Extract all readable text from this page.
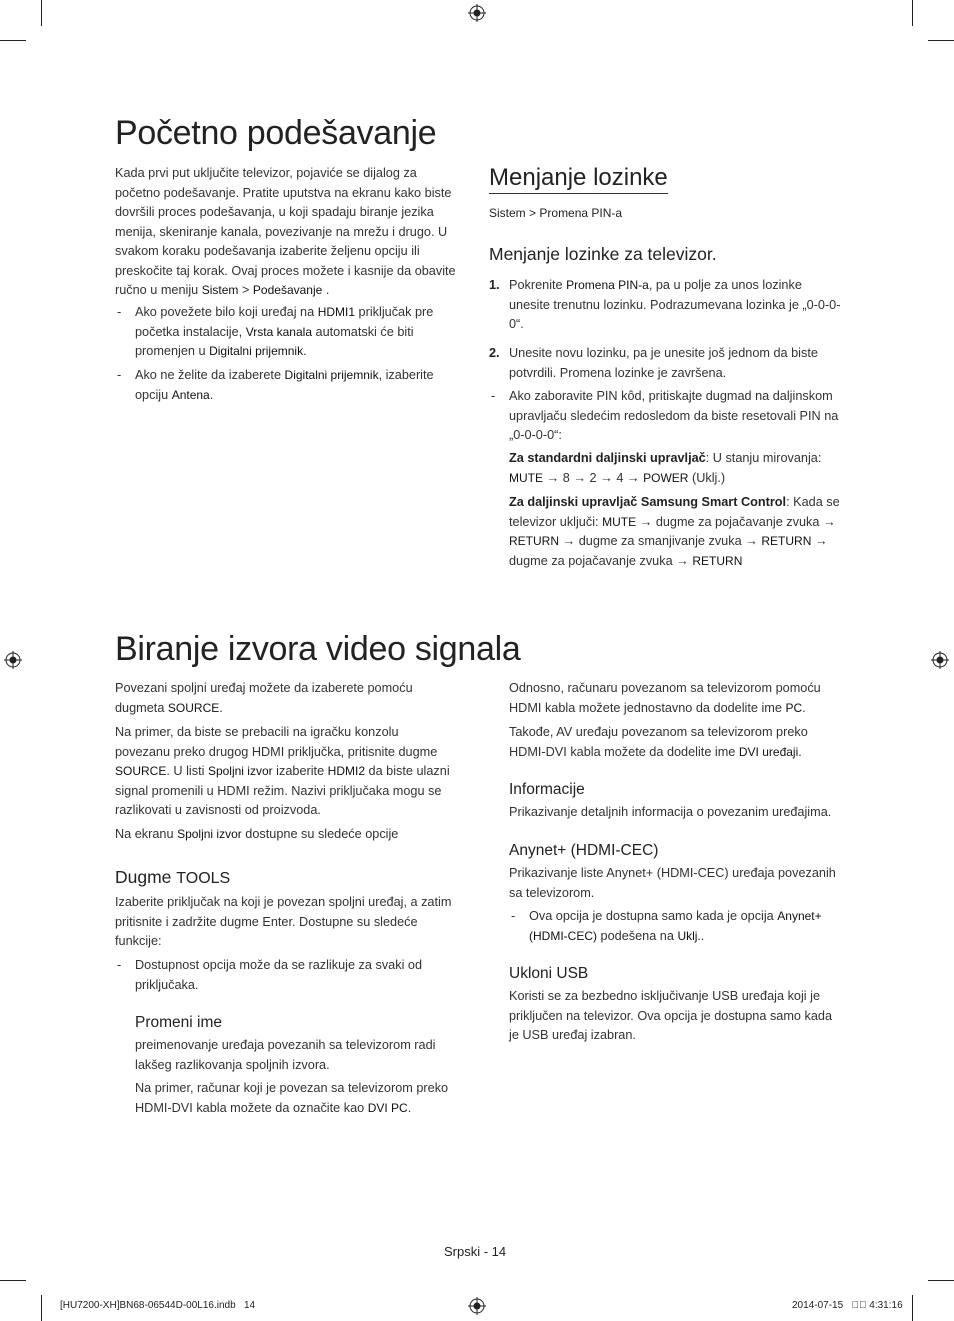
Početno podešavanje
Kada prvi put uključite televizor, pojaviće se dijalog za početno podešavanje. Pratite uputstva na ekranu kako biste dovršili proces podešavanja, u koji spadaju biranje jezika menija, skeniranje kanala, povezivanje na mrežu i drugo. U svakom koraku podešavanja izaberite željenu opciju ili preskočite taj korak. Ovaj proces možete i kasnije da obavite ručno u meniju Sistem > Podešavanje .
- Ako povežete bilo koji uređaj na HDMI1 priključak pre početka instalacije, Vrsta kanala automatski će biti promenjen u Digitalni prijemnik.
- Ako ne želite da izaberete Digitalni prijemnik, izaberite opciju Antena.
Menjanje lozinke
Sistem > Promena PIN-a
Menjanje lozinke za televizor.
1. Pokrenite Promena PIN-a, pa u polje za unos lozinke unesite trenutnu lozinku. Podrazumevana lozinka je „0-0-0-0“.
2. Unesite novu lozinku, pa je unesite još jednom da biste potvrdili. Promena lozinke je završena.
- Ako zaboravite PIN kôd, pritiskajte dugmad na daljinskom upravljaču sledećim redosledom da biste resetovali PIN na „0-0-0-0“:
Za standardni daljinski upravljač: U stanju mirovanja:
MUTE → 8 → 2 → 4 → POWER (Uklj.)
Za daljinski upravljač Samsung Smart Control: Kada se televizor uključi: MUTE → dugme za pojačavanje zvuka → RETURN → dugme za smanjivanje zvuka → RETURN → dugme za pojačavanje zvuka → RETURN
Biranje izvora video signala
Povezani spoljni uređaj možete da izaberete pomoću dugmeta SOURCE.
Na primer, da biste se prebacili na igračku konzolu povezanu preko drugog HDMI priključka, pritisnite dugme SOURCE. U listi Spoljni izvor izaberite HDMI2 da biste ulazni signal promenili u HDMI režim. Nazivi priključaka mogu se razlikovati u zavisnosti od proizvoda.
Na ekranu Spoljni izvor dostupne su sledeće opcije
Dugme TOOLS
Izaberite priključak na koji je povezan spoljni uređaj, a zatim pritisnite i zadržite dugme Enter. Dostupne su sledeće funkcije:
- Dostupnost opcija može da se razlikuje za svaki od priključaka.
Promeni ime
preimenovanje uređaja povezanih sa televizorom radi lakšeg razlikovanja spoljnih izvora.
Na primer, računar koji je povezan sa televizorom preko HDMI-DVI kabla možete da označite kao DVI PC.
Odnosno, računaru povezanom sa televizorom pomoću HDMI kabla možete jednostavno da dodelite ime PC.
Takođe, AV uređaju povezanom sa televizorom preko HDMI-DVI kabla možete da dodelite ime DVI uređaji.
Informacije
Prikazivanje detaljnih informacija o povezanim uređajima.
Anynet+ (HDMI-CEC)
Prikazivanje liste Anynet+ (HDMI-CEC) uređaja povezanih sa televizorom.
- Ova opcija je dostupna samo kada je opcija Anynet+ (HDMI-CEC) podešena na Uklj..
Ukloni USB
Koristi se za bezbedno isključivanje USB uređaja koji je priključen na televizor. Ova opcija je dostupna samo kada je USB uređaj izabran.
Srpski - 14
[HU7200-XH]BN68-06544D-00L16.indb   14	2014-07-15   ￿￿ 4:31:16
